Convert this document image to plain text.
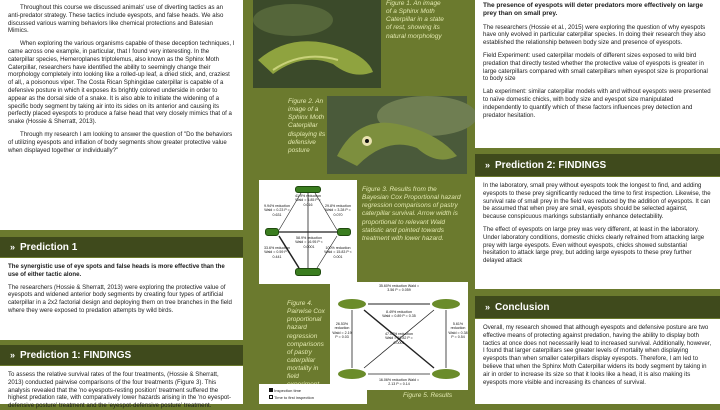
Throughout this course we discussed animals' use of diverting tactics as an anti-predator strategy. These tactics include eyespots, and false heads. We also discussed various warning behaviors like chemical protections and Batesian Mimics.

When exploring the various organisms capable of these deception techniques, I came across one example, in particular, that I found very interesting. In the caterpillar species, Hemeroplanes triptolemus, also known as the Sphinx Moth Caterpillar, researchers have identified the ability to seemingly change their morphology completely into looking like a rolled-up leaf, a dried stick, and, craziest of all,, a poisonous viper. The Costa Rican Sphingidae caterpillar is capable of a defensive posture in which it exposes its brightly colored underside in order to appear as the dorsal side of a snake. It is also able to initiate the widening of a specific body segment by taking air into its sides on its anterior and causing its perfectly placed eyespots to produce a false head that very closely mimics that of a snake (Hossie & Sherratt, 2013).

Through my research I am looking to answer the question of "Do the behaviors of utilizing eyespots and inflation of body segments show greater protective value when displayed together or individually?"

» Prediction 1

The synergistic use of eye spots and false heads is more effective than the use of either tactic alone.

The researchers (Hossie & Sherratt, 2013) were exploring the protective value of eyespots and widened anterior body segments by creating four types of artificial caterpillar in a 2x2 factorial design and deploying them on tree branches in the field where they were exposed to predation attempts by wild birds.

» Prediction 1: FINDINGS

To assess the relative survival rates of the four treatments, (Hossie & Sherratt, 2013) conducted pairwise comparisons of the four treatments (Figure 3). This analysis revealed that the 'no eyespots-resting position' treatment suffered the highest predation rate, with comparatively lower hazards arising in the 'no eyespot-defensive posture' treatment and the 'eyespot-defensive posture' treatment.

Figure 1. An image of a Sphinx Moth Caterpillar in a state of rest, showing its natural morphology
Figure 2. An image of a Sphinx Moth Caterpillar displaying its defensive posture
41.9% reduction Wald = 5.85 P = 0.016
9.94% reduction Wald = 0.23 P = 0.631
29.8% reduction Wald = 3.28 P = 0.070
58.9% reduction Wald = 16.95 P < 0.0001
33.6% reduction Wald = 0.59 P = 0.441
100% reduction Wald = 15.83 P < 0.001
Figure 3. Results from the Bayesian Cox Proportional hazard regression comparisons of pastry caterpillar survival. Arrow width is proportional to relevant Wald statistic and pointed towards treatment with lower hazard.
35.60% reduction Wald = 3.56 P = 0.059
8.49% reduction Wald = 0.89 P = 0.35
26.53% reduction Wald = 2.19 P = 0.03
47.07% reduction Wald = 19.82 P = 0.0001
5.61% reduction Wald = 0.38 P = 0.54
16.06% reduction Wald = 2.13 P = 0.14
Figure 4. Pairwise Cox proportional hazard regression comparisons of pastry caterpillar mortality in field
Inspection time
Time to first inspection	Figure 5. Results

The presence of eyespots will deter predators more effectively on large prey than on small prey.

The researchers (Hossie et al., 2015) were exploring the question of why eyespots have only evolved in particular caterpillar species. In doing their research they also established the relationship between body size and presence of eyespots.

Field Experiment: used caterpillar models of different sizes exposed to wild bird predation that directly tested whether the protective value of eyespots is greater in large caterpillars compared with small caterpillars when eyespot size is proportional to body size

Lab experiment: similar caterpillar models with and without eyespots were presented to naïve domestic chicks, with body size and eyespot size manipulated independently to quantify which of these factors influences prey detection and predator hesitation.

» Prediction 2: FINDINGS

In the laboratory, small prey without eyespots took the longest to find, and adding eyespots to these prey significantly reduced the time to first inspection. Likewise, the survival rate of small prey in the field was reduced by the addition of eyespots. It can be assumed that when prey are small, eyespots should be selected against, because conspicuous markings substantially enhance detectability.

The effect of eyespots on large prey was very different, at least in the laboratory. Under laboratory conditions, domestic chicks clearly refrained from attacking large prey with large eyespots. Even without eyespots, chicks showed substantial hesitation to attack large prey, but adding large eyespots to these prey further delayed attack

» Conclusion

Overall, my research showed that although eyespots and defensive posture are two effective means of protecting against predation, having the ability to display both tactics at once does not necessarily lead to increased survival. Additionally, however, I found that larger caterpillars see greater levels of mortality when displaying eyespots than when smaller caterpillars display eyespots. Therefore, I am led to believe that when the Sphinx Moth Caterpillar widens its body segment by taking in air in order to increase its size so that it looks like a head, it is also making its eyespots more visible and increasing its chances of survival.
